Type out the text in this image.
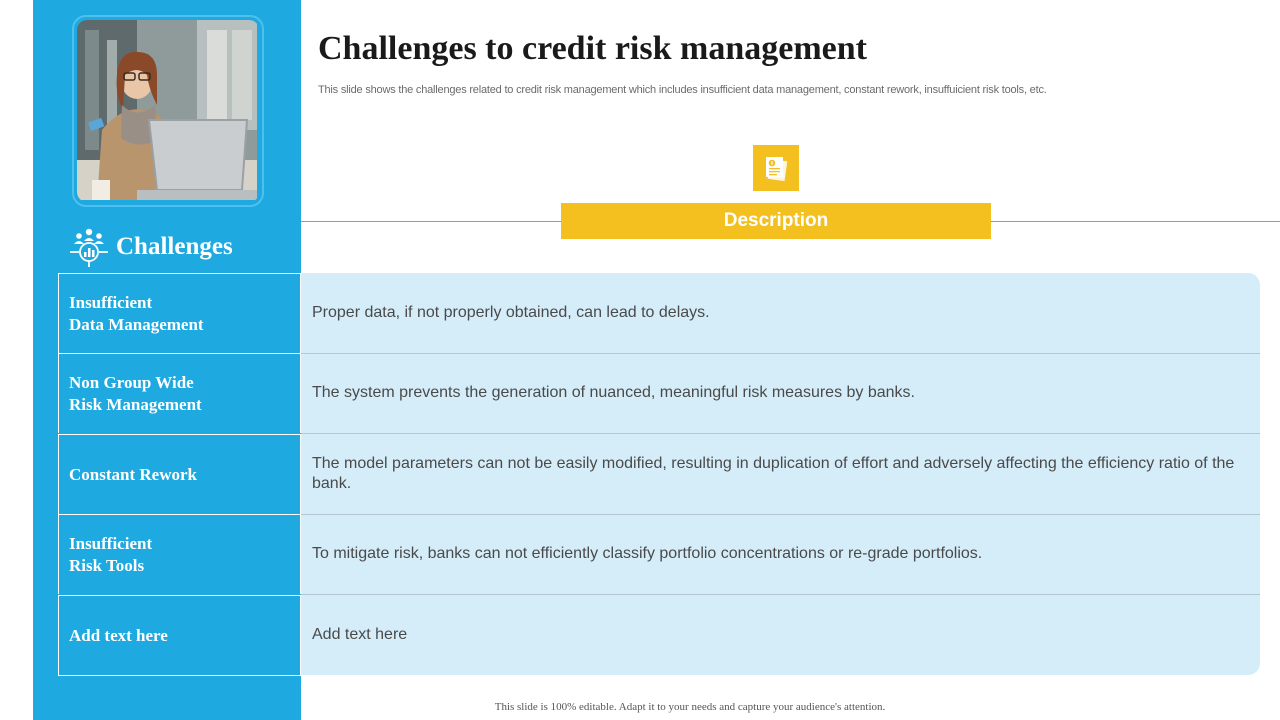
Challenges
Challenges to credit risk management

This slide shows the challenges related to credit risk management which includes insufficient data management, constant rework, insuffuicient risk tools, etc.

Description
Insufficient
Data Management
Proper data, if not properly obtained, can lead to delays.
Non Group Wide
Risk Management
The system prevents the generation of nuanced, meaningful risk measures by banks.
Constant Rework
The model parameters can not be easily modified, resulting in duplication of effort and adversely affecting the efficiency ratio of the bank.
Insufficient
Risk Tools
To mitigate risk, banks can not efficiently classify portfolio concentrations or re-grade portfolios.
Add text here	Add text here
This slide is 100% editable. Adapt it to your needs and capture your audience's attention.
